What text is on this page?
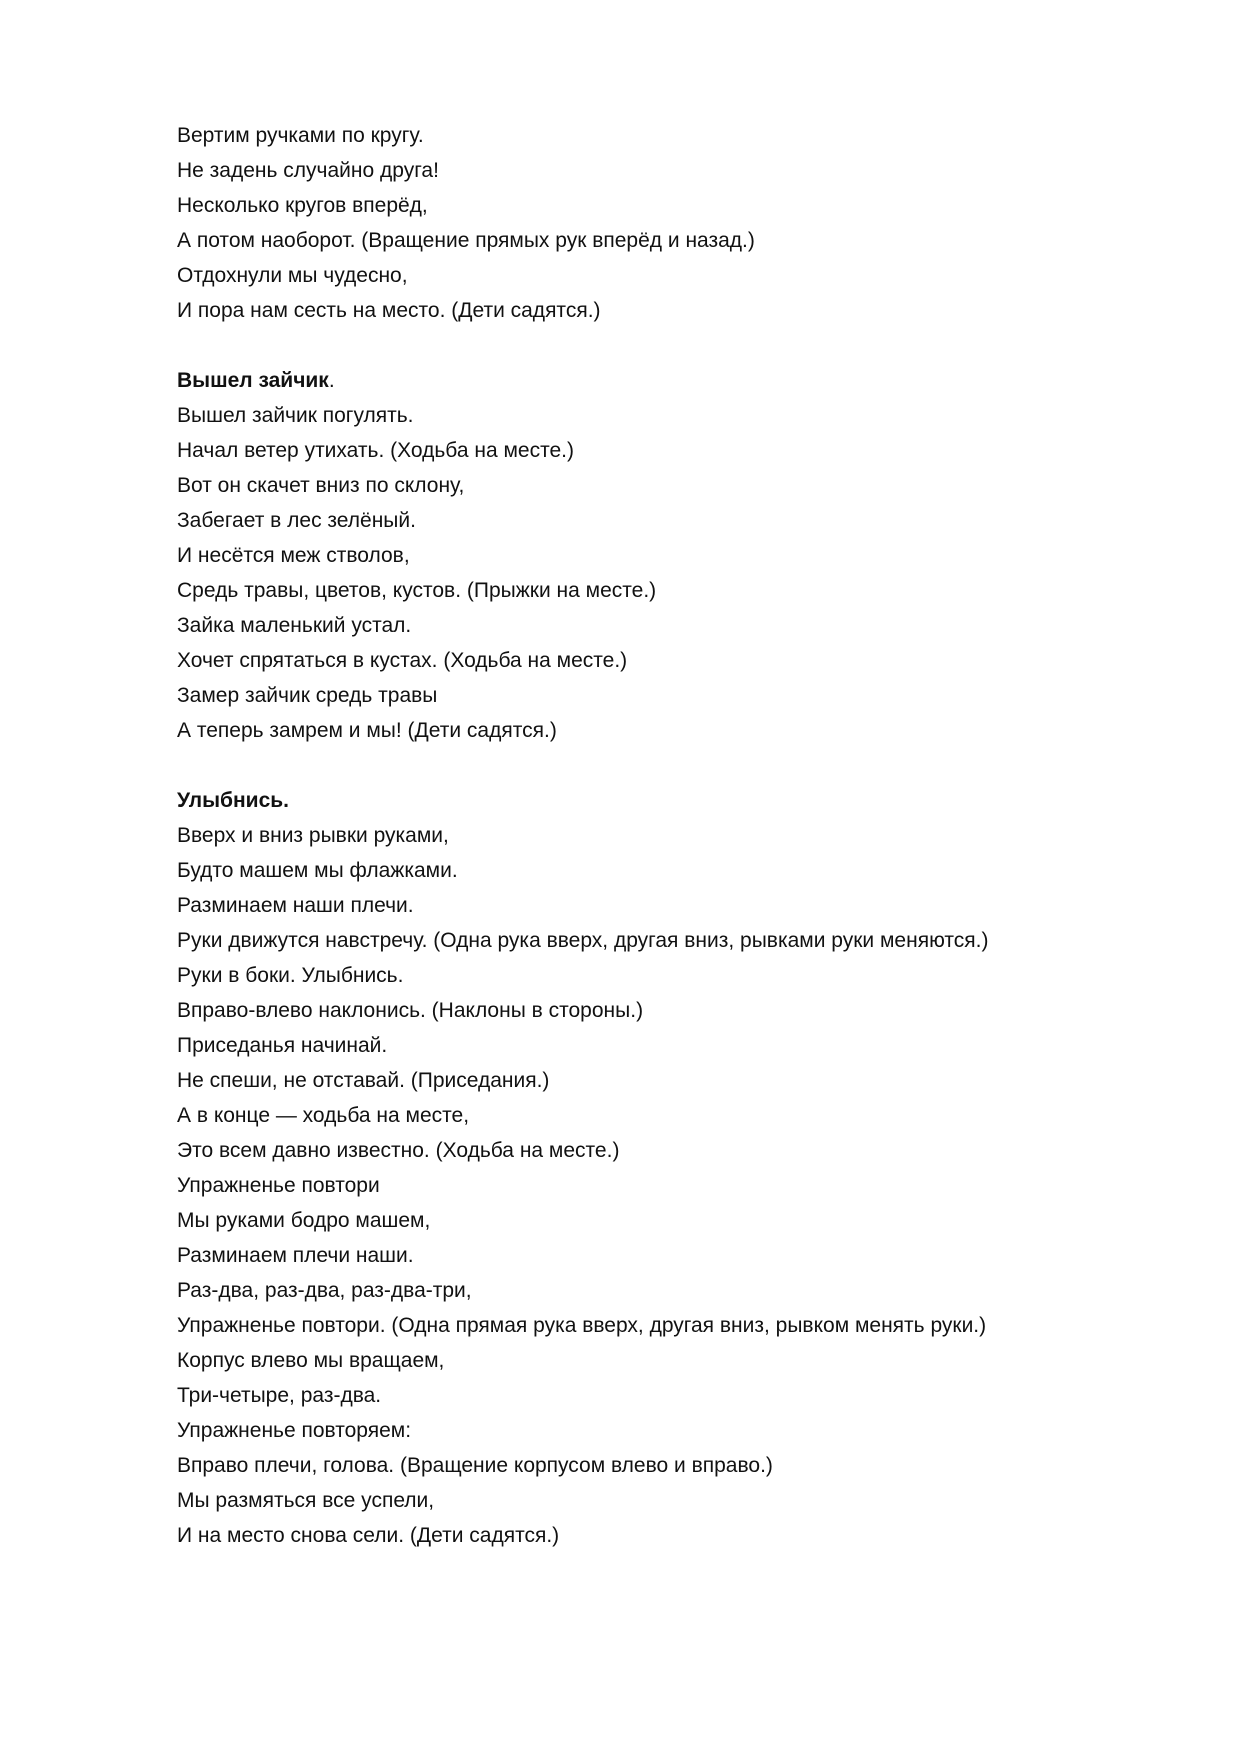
Вертим ручками по кругу.
Не задень случайно друга!
Несколько кругов вперёд,
А потом наоборот. (Вращение прямых рук вперёд и назад.)
Отдохнули мы чудесно,
И пора нам сесть на место. (Дети садятся.)
Вышел зайчик.
Вышел зайчик погулять.
Начал ветер утихать. (Ходьба на месте.)
Вот он скачет вниз по склону,
Забегает в лес зелёный.
И несётся меж стволов,
Средь травы, цветов, кустов. (Прыжки на месте.)
Зайка маленький устал.
Хочет спрятаться в кустах. (Ходьба на месте.)
Замер зайчик средь травы
А теперь замрем и мы! (Дети садятся.)
Улыбнись.
Вверх и вниз рывки руками,
Будто машем мы флажками.
Разминаем наши плечи.
Руки движутся навстречу. (Одна рука вверх, другая вниз, рывками руки меняются.)
Руки в боки. Улыбнись.
Вправо-влево наклонись. (Наклоны в стороны.)
Приседанья начинай.
Не спеши, не отставай. (Приседания.)
А в конце — ходьба на месте,
Это всем давно известно. (Ходьба на месте.)
Упражненье повтори
Мы руками бодро машем,
Разминаем плечи наши.
Раз-два, раз-два, раз-два-три,
Упражненье повтори. (Одна прямая рука вверх, другая вниз, рывком менять руки.)
Корпус влево мы вращаем,
Три-четыре, раз-два.
Упражненье повторяем:
Вправо плечи, голова. (Вращение корпусом влево и вправо.)
Мы размяться все успели,
И на место снова сели. (Дети садятся.)
